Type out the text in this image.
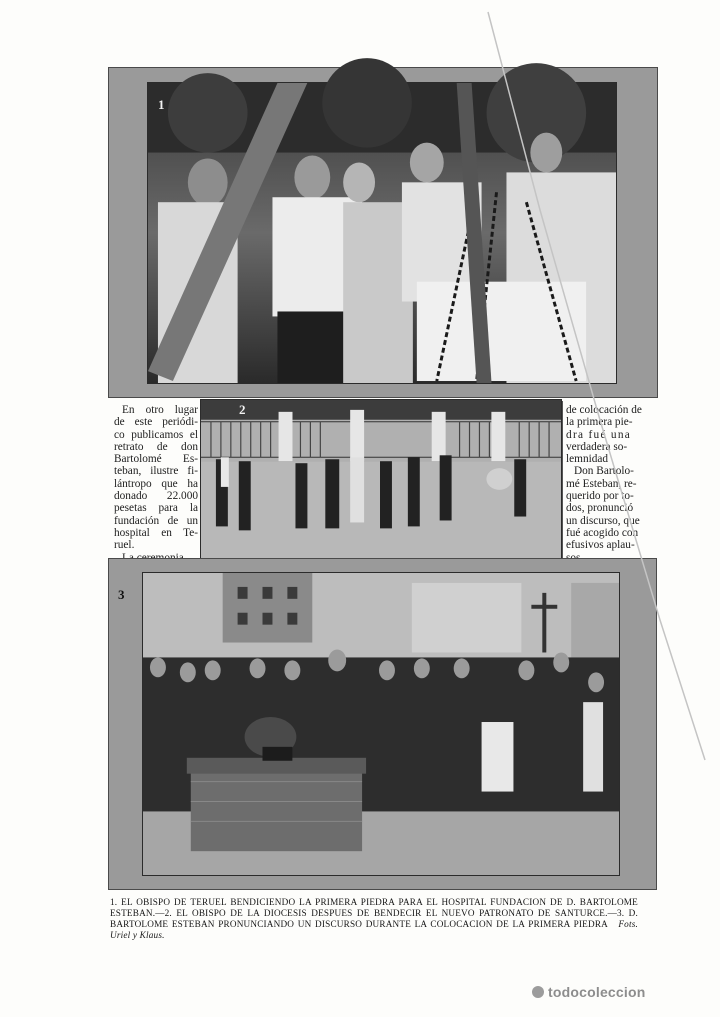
1

En otro lugar

de este periódi-

co publicamos el

retrato de don

Bartolomé Es-

teban, ilustre fi-

lántropo que ha

donado 22.000

pesetas para la

fundación de un

hospital en Te-

ruel.

2	de colocación de

la primera pie-

dra fué una

verdadera so-

lemnidad

Don Bartolo-

mé Esteban, re-

querido por to-

dos, pronunció

un discurso, que

fué acogido con

efusivos aplau-

3
1. EL OBISPO DE TERUEL BENDICIENDO LA PRIMERA PIEDRA PARA EL HOSPITAL FUNDACION DE D. BARTOLOME ESTEBAN.—2. EL OBISPO DE LA DIOCESIS DESPUES DE BENDECIR EL NUEVO PATRONATO DE SANTURCE.—3. D. BARTOLOME ESTEBAN PRONUNCIANDO UN DISCURSO DURANTE LA COLOCACION DE LA PRIMERA PIEDRA Fots. Uriel y Klaus.
todocoleccion
